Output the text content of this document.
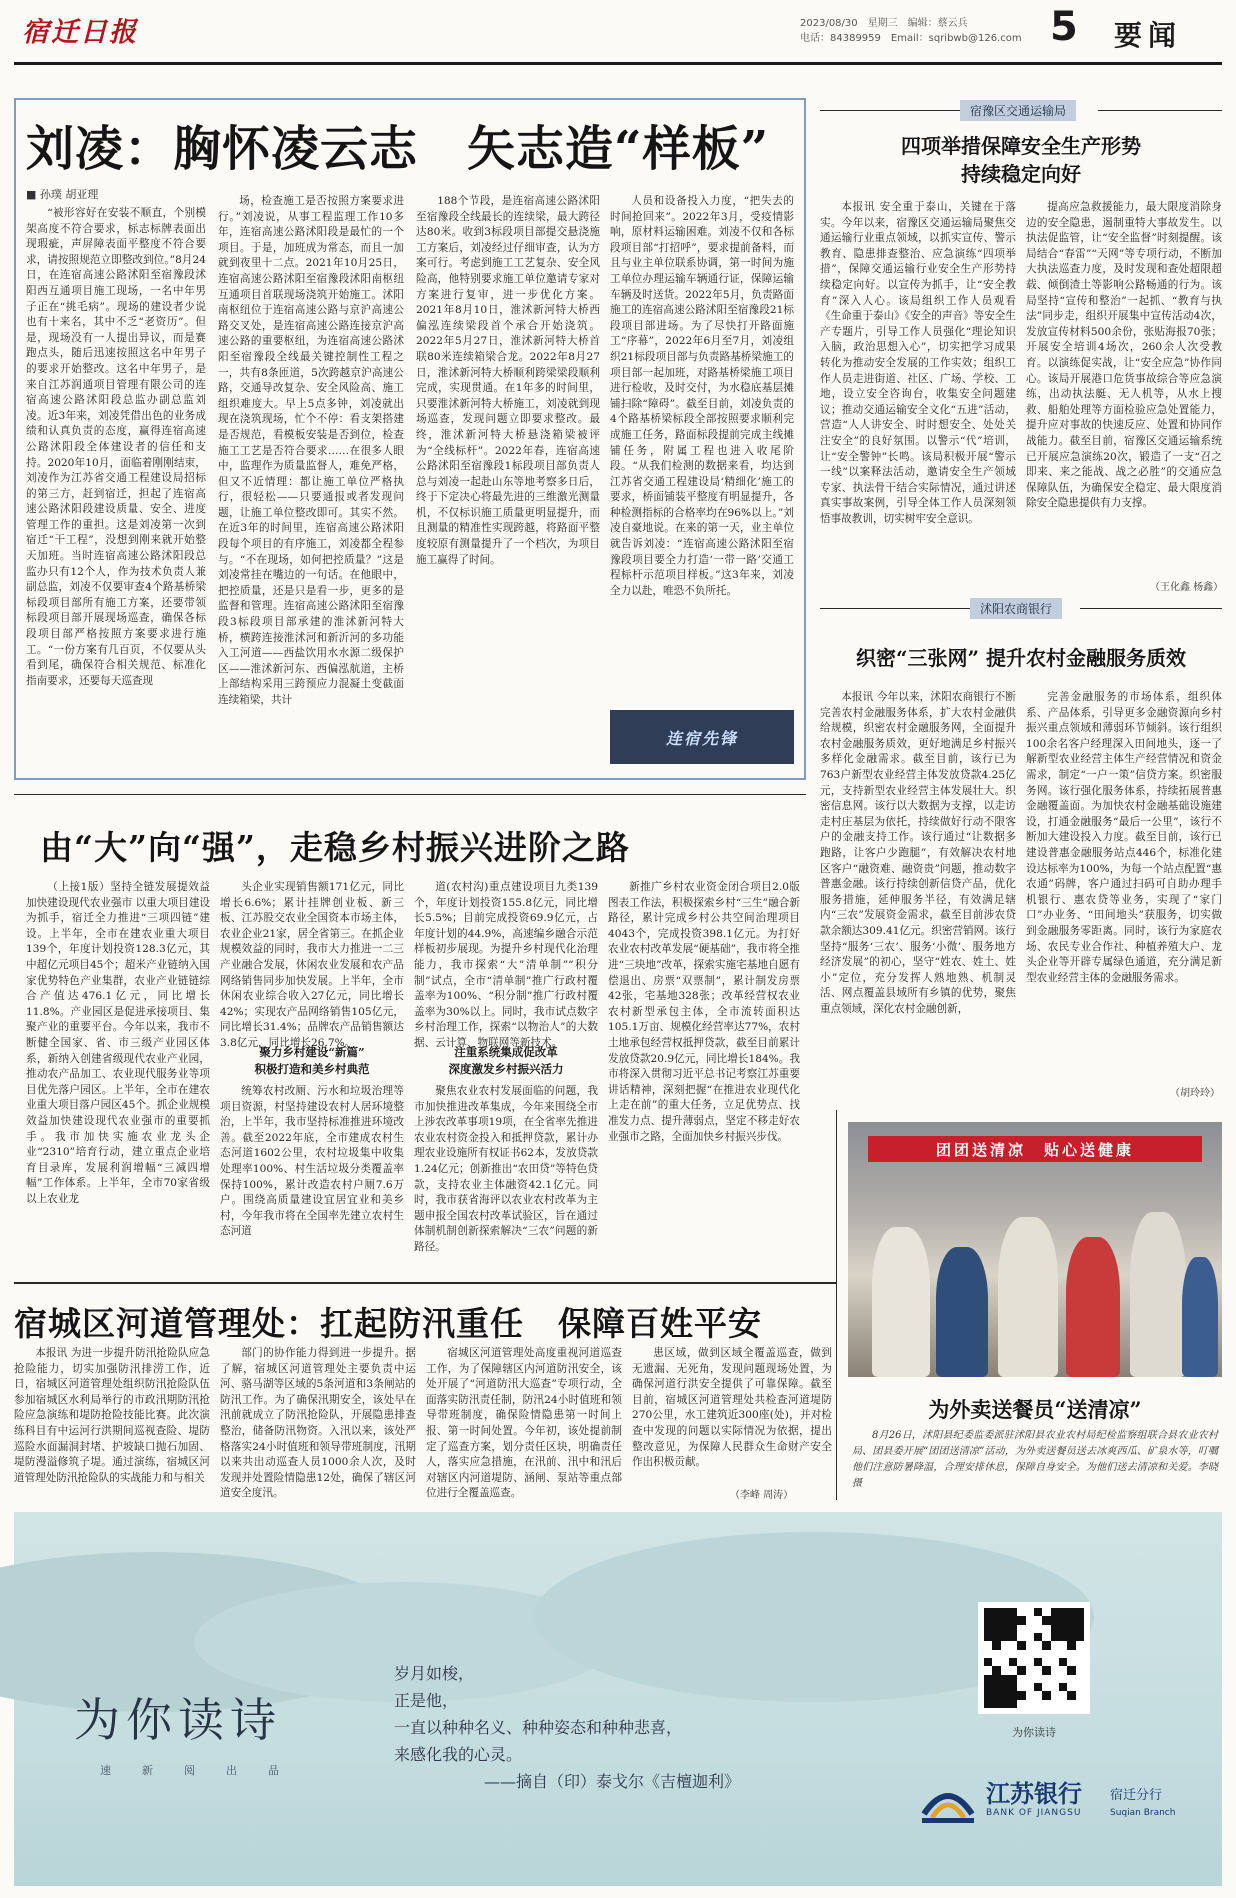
宿迁日报	2023/08/30　星期三　编辑：蔡云兵
电话：84389959　Email：sqribwb@126.com 5 要闻
刘凌：胸怀凌云志　矢志造“样板”
■ 孙璞 胡亚理
“被形容好在安装不顺直，个别模架高度不符合要求，标志标牌表面出现瑕疵，声屏障表面平整度不符合要求，请按照规范立即整改到位。”8月24日，在连宿高速公路沭阳至宿豫段沭阳西互通项目施工现场，一名中年男子正在“挑毛病”。现场的建设者少说也有十来名，其中不乏“老资历”。但是，现场没有一人提出异议，而是赛跑点头，随后迅速按照这名中年男子的要求开始整改。这名中年男子，是来自江苏润通项目管理有限公司的连宿高速公路沭阳段总监办副总监刘凌。近3年来，刘凌凭借出色的业务成绩和认真负责的态度，赢得连宿高速公路沭阳段全体建设者的信任和支持。2020年10月，面临着刚刚结束，刘凌作为江苏省交通工程建设局招标的第三方，赶到宿迁，担起了连宿高速公路沭阳段建设质量、安全、进度管理工作的重担。这是刘凌第一次到宿迁“干工程”，没想到刚来就开始整天加班。当时连宿高速公路沭阳段总监办只有12个人，作为技术负责人兼副总监，刘凌不仅要审查4个路基桥梁标段项目部所有施工方案，还要带领标段项目部开展现场巡查，确保各标段项目部严格按照方案要求进行施工。“一份方案有几百页，不仅要从头看到尾，确保符合相关规范、标准化指南要求，还要每天巡查现
场，检查施工是否按照方案要求进行。”刘凌说，从事工程监理工作10多年，连宿高速公路沭阳段是最忙的一个项目。于是，加班成为常态，而且一加就到夜里十二点。2021年10月25日，连宿高速公路沭阳至宿豫段沭阳南枢纽互通项目首联现场浇筑开始施工。沭阳南枢纽位于连宿高速公路与京沪高速公路交叉处，是连宿高速公路连接京沪高速公路的重要枢纽，为连宿高速公路沭阳至宿豫段全线最关键控制性工程之一，共有8条匝道，5次跨越京沪高速公路，交通导改复杂、安全风险高、施工组织难度大。早上5点多钟，刘凌就出现在浇筑现场，忙个不停：看支架搭建是否规范，看模板安装是否到位，检查施工工艺是否符合要求……在很多人眼中，监理作为质量监督人，难免严格，但又不近情理：都让施工单位严格执行，很轻松——只要通报或者发现问题，让施工单位整改即可。其实不然。在近3年的时间里，连宿高速公路沭阳段每个项目的有序施工，刘凌都全程参与。“不在现场，如何把控质量？”这是刘凌常挂在嘴边的一句话。在他眼中，把控质量，还是只是看一步，更多的是监督和管理。连宿高速公路沭阳至宿豫段3标段项目部承建的淮沭新河特大桥，横跨连接淮沭河和新沂河的多功能入工河道——西盐饮用水水源二级保护区——淮沭新河东、西偏泓航道，主桥上部结构采用三跨预应力混凝土变截面连续箱梁，共计
188个节段，是连宿高速公路沭阳至宿豫段全线最长的连续梁，最大跨径达80米。收到3标段项目部提交悬浇施工方案后，刘凌经过仔细审查，认为方案可行。考虑到施工工艺复杂、安全风险高，他特别要求施工单位邀请专家对方案进行复审，进一步优化方案。2021年8月10日，淮沭新河特大桥西偏泓连续梁段首个承合开始浇筑。2022年5月27日，淮沭新河特大桥首联80米连续箱梁合龙。2022年8月27日，淮沭新河特大桥顺利跨梁梁段顺利完成，实现贯通。在1年多的时间里，只要淮沭新河特大桥施工，刘凌就到现场巡查，发现问题立即要求整改。最终，淮沭新河特大桥悬浇箱梁被评为“全线标杆”。2022年春，连宿高速公路沭阳至宿豫段1标段项目部负责人总与刘凌一起赴山东等地考察多日后，终于下定决心将最先进的三维激光测量机，不仅标识施工质量更明显提升，而且测量的精准性实现跨越，将路面平整度较原有测量提升了一个档次，为项目施工赢得了时间。
人员和设备投入力度，“把失去的时间抢回来”。2022年3月，受疫情影响，原材料运输困难。刘凌不仅和各标段项目部“打招呼”，要求提前备料，而且与业主单位联系协调，第一时间为施工单位办理运输车辆通行证，保障运输车辆及时送货。2022年5月，负责路面施工的连宿高速公路沭阳至宿豫段21标段项目部进场。为了尽快打开路面施工“序幕”，2022年6月至7月，刘凌组织21标段项目部与负责路基桥梁施工的项目部一起加班，对路基桥梁施工项目进行检收，及时交付，为水稳底基层摊铺扫除“障碍”。截至目前，刘凌负责的4个路基桥梁标段全部按照要求顺利完成施工任务，路面标段提前完成主线摊铺任务，附属工程也进入收尾阶段。“从我们检测的数据来看，均达到江苏省交通工程建设局‘精细化’施工的要求，桥面铺装平整度有明显提升，各种检测指标的合格率均在96%以上。”刘凌自豪地说。在来的第一天，业主单位就告诉刘凌：“连宿高速公路沭阳至宿豫段项目要全力打造‘一带一路’交通工程标杆示范项目样板。”这3年来，刘凌全力以赴，唯恐不负所托。
连宿先锋
宿豫区交通运输局
四项举措保障安全生产形势
持续稳定向好
本报讯 安全重于泰山，关键在于落实。今年以来，宿豫区交通运输局聚焦交通运输行业重点领域，以抓实宣传、警示教育、隐患排查整治、应急演练“四项举措”，保障交通运输行业安全生产形势持续稳定向好。以宣传为抓手，让“安全教育”深入人心。该局组织工作人员观看《生命重于泰山》《安全的声音》等安全生产专题片，引导工作人员强化“理论知识入脑，政治思想入心”，切实把学习成果转化为推动安全发展的工作实效；组织工作人员走进街道、社区、广场、学校、工地，设立安全咨询台，收集安全问题建议；推动交通运输安全文化“五进”活动，营造“人人讲安全、时时想安全、处处关注安全”的良好氛围。以警示“代”培训，让“安全警钟”长鸣。该局积极开展“警示一线”以案释法活动，邀请安全生产领域专家、执法骨干结合实际情况，通过讲述真实事故案例，引导全体工作人员深刻领悟事故教训，切实树牢安全意识。
提高应急救援能力，最大限度消除身边的安全隐患，遏制重特大事故发生。以执法促监管，让“安全监督”时刻提醒。该局结合“春雷”“天网”等专项行动，不断加大执法巡查力度，及时发现和查处超限超载、倾倒渣土等影响公路畅通的行为。该局坚持“宣传和整治”一起抓、“教育与执法”同步走，组织开展集中宣传活动4次，发放宣传材料500余份，张贴海报70张；开展安全培训4场次，260余人次受教育。以演练促实战，让“安全应急”协作同心。该局开展港口危货事故综合等应急演练，出动执法艇、无人机等，从水上搜救、船舶处理等方面检验应急处置能力，提升应对事故的快速反应、处置和协同作战能力。截至目前，宿豫区交通运输系统已开展应急演练20次，锻造了一支“召之即来、来之能战、战之必胜”的交通应急保障队伍，为确保安全稳定、最大限度消除安全隐患提供有力支撑。
（王化鑫 杨鑫）
沭阳农商银行
织密“三张网” 提升农村金融服务质效
本报讯 今年以来，沭阳农商银行不断完善农村金融服务体系，扩大农村金融供给规模，织密农村金融服务网，全面提升农村金融服务质效，更好地满足乡村振兴多样化金融需求。截至目前，该行已为763户新型农业经营主体发放贷款4.25亿元，支持新型农业经营主体发展壮大。织密信息网。该行以大数据为支撑，以走访走村庄基层为依托，持续做好行动不限客户的金融支持工作。该行通过“让数据多跑路，让客户少跑腿”，有效解决农村地区客户“融资难、融资贵”问题，推动数字普惠金融。该行持续创新信贷产品，优化服务措施，延伸服务半径，有效满足辖内“三农”发展资金需求，截至目前涉农贷款余额达309.41亿元。织密营销网。该行坚持“服务‘三农’、服务‘小微’、服务地方经济发展”的初心，坚守“姓农、姓土、姓小”定位，充分发挥人熟地熟、机制灵活、网点覆盖县域所有乡镇的优势，聚焦重点领域，深化农村金融创新，
完善金融服务的市场体系，组织体系、产品体系，引导更多金融资源向乡村振兴重点领域和薄弱环节倾斜。该行组织100余名客户经理深入田间地头，逐一了解新型农业经营主体生产经营情况和资金需求，制定“一户一策”信贷方案。织密服务网。该行强化服务体系，持续拓展普惠金融覆盖面。为加快农村金融基础设施建设，打通金融服务“最后一公里”，该行不断加大建设投入力度。截至目前，该行已建设普惠金融服务站点446个，标准化建设达标率为100%，为每一个站点配置“惠农通”码牌，客户通过扫码可自助办理手机银行、惠农贷等业务，实现了“家门口”办业务、“田间地头”获服务，切实做到金融服务零距离。同时，该行为家庭农场、农民专业合作社、种植养殖大户、龙头企业等开辟专属绿色通道，充分满足新型农业经营主体的金融服务需求。
（胡玲玲）
由“大”向“强”，走稳乡村振兴进阶之路
（上接1版）坚持全链发展提效益 加快建设现代农业强市 以重大项目建设为抓手，宿迁全力推进“三项四链”建设。上半年，全市在建农业重大项目139个，年度计划投资128.3亿元，其中超亿元项目45个；超米产业链纳入国家优势特色产业集群，农业产业链链综合产值达476.1亿元，同比增长11.8%。产业园区是促进承接项目、集聚产业的重要平台。今年以来，我市不断健全国家、省、市三级产业园区体系，新纳入创建省级现代农业产业园，推动农产品加工、农业现代服务业等项目优先落户园区。上半年，全市在建农业重大项目落户园区45个。抓企业规模效益加快建设现代农业强市的重要抓手。我市加快实施农业龙头企业“2310”培育行动，建立重点企业培育目录库，发展利润增幅“三减四增幅”工作体系。上半年，全市70家省级以上农业龙
头企业实现销售额171亿元，同比增长6.6%；累计挂牌创业板、新三板、江苏股交农业全国资本市场主体，农业企业21家，居全省第三。在抓企业规模效益的同时，我市大力推进一二三产业融合发展，休闲农业发展和农产品网络销售同步加快发展。上半年，全市休闲农业综合收入27亿元，同比增长42%；实现农产品网络销售105亿元，同比增长31.4%；品牌农产品销售额达3.8亿元，同比增长26.7%。
聚力乡村建设“新篇”
积极打造和美乡村典范
统筹农村改厕、污水和垃圾治理等项目资源，村坚持建设农村人居环境整治，上半年，我市坚持标准推进环境改善。截至2022年底，全市建成农村生态河道1602公里，农村垃圾集中收集处理率100%、村生活垃圾分类覆盖率保持100%，累计改造农村户厕7.6万户。围绕高质量建设宜居宜业和美乡村，今年我市将在全国率先建立农村生态河道
道(农村沟)重点建设项目九类139个，年度计划投资155.8亿元，同比增长5.5%；目前完成投资69.9亿元，占年度计划的44.9%，高速编乡融合示范样板初步展现。为提升乡村现代化治理能力，我市探索“大”清单制”“积分制”试点，全市“清单制”推广行政村覆盖率为100%、“积分制”推广行政村覆盖率为30%以上。同时，我市试点数字乡村治理工作，探索“以物治人”的大数据、云计算、物联网等新技术。
注重系统集成促改革
深度激发乡村振兴活力
聚焦农业农村发展面临的问题，我市加快推进改革集成，今年来围绕全市上涉农改革事项19项，在全省率先推进农业农村资金投入和抵押贷款，累计办理农业设施所有权证书62本，发放贷款1.24亿元；创新推出“农田贷”等特色贷款，支持农业主体融资42.1亿元。同时，我市获省海评以农业农村改革为主题申报全国农村改革试验区，旨在通过体制机制创新探索解决“三农”问题的新路径。
新推广乡村农业资金闭合项目2.0版图表工作法，积极探索乡村“三生”融合新路径，累计完成乡村公共空间治理项目4043个，完成投资398.1亿元。为打好农业农村改革发展“硬基础”，我市将全推进“三块地”改革，探索实施宅基地自愿有偿退出、房票“双票制”，累计制发房票42张，宅基地328张；改革经营权农业农村新型承包主体，全市流转面积达105.1万亩、规模化经营率达77%，农村土地承包经营权抵押贷款，截至目前累计发放贷款20.9亿元，同比增长184%。我市将深入贯彻习近平总书记考察江苏重要讲话精神，深刻把握“在推进农业现代化上走在前”的重大任务，立足优势点、找准发力点、提升薄弱点，坚定不移走好农业强市之路，全面加快乡村振兴步伐。
宿城区河道管理处：扛起防汛重任　保障百姓平安
本报讯 为进一步提升防汛抢险队应急抢险能力，切实加强防汛排涝工作，近日，宿城区河道管理处组织防汛抢险队伍参加宿城区水利局举行的市政汛期防汛抢险应急演练和堤防抢险技能比赛。此次演练科目有中运河行洪期间巡视查险、堤防巡险水面漏洞封堵、护坡缺口抛石加固、堤防漫溢修筑子堤。通过演练，宿城区河道管理处防汛抢险队的实战能力和与相关
部门的协作能力得到进一步提升。据了解，宿城区河道管理处主要负责中运河、骆马湖等区域的5条河道和3条闸站的防汛工作。为了确保汛期安全，该处早在汛前就成立了防汛抢险队，开展隐患排查整治，储备防汛物资。入汛以来，该处严格落实24小时值班和领导带班制度，汛期以来共出动巡查人员1000余人次，及时发现并处置险情隐患12处，确保了辖区河道安全度汛。
宿城区河道管理处高度重视河道巡查工作，为了保障辖区内河道防汛安全，该处开展了“河道防汛大巡查”专项行动，全面落实防汛责任制，防汛24小时值班和领导带班制度，确保险情隐患第一时间上报、第一时间处置。今年初，该处提前制定了巡查方案，划分责任区块，明确责任人，落实应急措施，在汛前、汛中和汛后对辖区内河道堤防、涵闸、泵站等重点部位进行全覆盖巡查。
患区域，做到区域全覆盖巡查，做到无遗漏、无死角，发现问题现场处置，为确保河道行洪安全提供了可靠保障。截至目前，宿城区河道管理处共检查河道堤防270公里，水工建筑近300座(处)，并对检查中发现的问题以实际情况为依据，提出整改意见，为保障人民群众生命财产安全作出积极贡献。
（李峰 周涛）
团团送清凉　贴心送健康
为外卖送餐员“送清凉”
8月26日，沭阳县纪委监委派驻沭阳县农业农村局纪检监察组联合县农业农村局、团县委开展“团团送清凉”活动，为外卖送餐员送去冰爽西瓜、矿泉水等，叮嘱他们注意防暑降温，合理安排休息，保障自身安全。为他们送去清凉和关爱。李晓 摄
为你读诗
速　新　阅　出　品
岁月如梭，
正是他，
一直以种种名义、种种姿态和种种悲喜，
来感化我的心灵。
——摘自（印）泰戈尔《吉檀迦利》
为你读诗
江苏银行
BANK OF JIANGSU
宿迁分行
Suqian Branch
